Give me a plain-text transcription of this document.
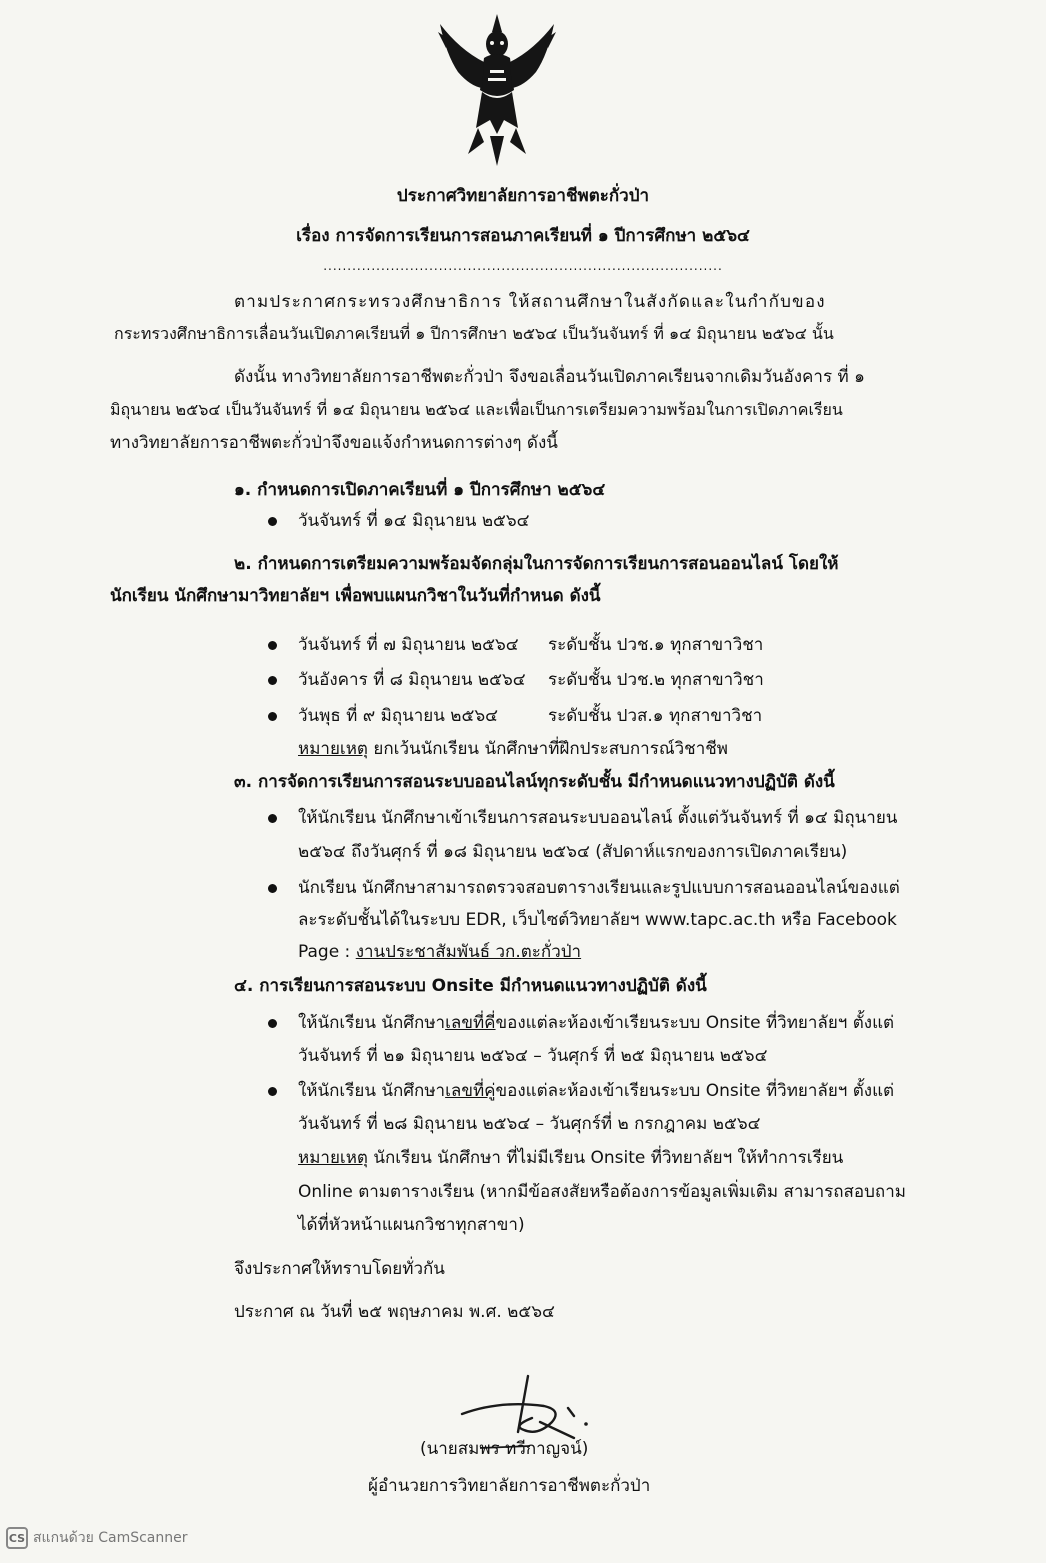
ประกาศวิทยาลัยการอาชีพตะกั่วป่า
เรื่อง การจัดการเรียนการสอนภาคเรียนที่ ๑ ปีการศึกษา ๒๕๖๔
...................................................................................
ตามประกาศกระทรวงศึกษาธิการ ให้สถานศึกษาในสังกัดและในกำกับของ
กระทรวงศึกษาธิการเลื่อนวันเปิดภาคเรียนที่ ๑ ปีการศึกษา ๒๕๖๔ เป็นวันจันทร์ ที่ ๑๔ มิถุนายน ๒๕๖๔ นั้น
ดังนั้น ทางวิทยาลัยการอาชีพตะกั่วป่า จึงขอเลื่อนวันเปิดภาคเรียนจากเดิมวันอังคาร ที่ ๑
มิถุนายน ๒๕๖๔ เป็นวันจันทร์ ที่ ๑๔ มิถุนายน ๒๕๖๔ และเพื่อเป็นการเตรียมความพร้อมในการเปิดภาคเรียน
ทางวิทยาลัยการอาชีพตะกั่วป่าจึงขอแจ้งกำหนดการต่างๆ ดังนี้
๑. กำหนดการเปิดภาคเรียนที่ ๑ ปีการศึกษา ๒๕๖๔
วันจันทร์ ที่ ๑๔ มิถุนายน ๒๕๖๔
๒. กำหนดการเตรียมความพร้อมจัดกลุ่มในการจัดการเรียนการสอนออนไลน์ โดยให้
นักเรียน นักศึกษามาวิทยาลัยฯ เพื่อพบแผนกวิชาในวันที่กำหนด ดังนี้
วันจันทร์ ที่ ๗ มิถุนายน ๒๕๖๔ ระดับชั้น ปวช.๑ ทุกสาขาวิชา
วันอังคาร ที่ ๘ มิถุนายน ๒๕๖๔ ระดับชั้น ปวช.๒ ทุกสาขาวิชา
วันพุธ ที่ ๙ มิถุนายน ๒๕๖๔	ระดับชั้น ปวส.๑ ทุกสาขาวิชา
หมายเหตุ ยกเว้นนักเรียน นักศึกษาที่ฝึกประสบการณ์วิชาชีพ
๓. การจัดการเรียนการสอนระบบออนไลน์ทุกระดับชั้น มีกำหนดแนวทางปฏิบัติ ดังนี้
ให้นักเรียน นักศึกษาเข้าเรียนการสอนระบบออนไลน์ ตั้งแต่วันจันทร์ ที่ ๑๔ มิถุนายน
๒๕๖๔ ถึงวันศุกร์ ที่ ๑๘ มิถุนายน ๒๕๖๔ (สัปดาห์แรกของการเปิดภาคเรียน)
นักเรียน นักศึกษาสามารถตรวจสอบตารางเรียนและรูปแบบการสอนออนไลน์ของแต่
ละระดับชั้นได้ในระบบ EDR, เว็บไซต์วิทยาลัยฯ www.tapc.ac.th หรือ Facebook
Page : งานประชาสัมพันธ์ วก.ตะกั่วป่า
๔. การเรียนการสอนระบบ Onsite มีกำหนดแนวทางปฏิบัติ ดังนี้
ให้นักเรียน นักศึกษาเลขที่คี่ของแต่ละห้องเข้าเรียนระบบ Onsite ที่วิทยาลัยฯ ตั้งแต่
วันจันทร์ ที่ ๒๑ มิถุนายน ๒๕๖๔ – วันศุกร์ ที่ ๒๕ มิถุนายน ๒๕๖๔
ให้นักเรียน นักศึกษาเลขที่คู่ของแต่ละห้องเข้าเรียนระบบ Onsite ที่วิทยาลัยฯ ตั้งแต่
วันจันทร์ ที่ ๒๘ มิถุนายน ๒๕๖๔ – วันศุกร์ที่ ๒ กรกฎาคม ๒๕๖๔
หมายเหตุ นักเรียน นักศึกษา ที่ไม่มีเรียน Onsite ที่วิทยาลัยฯ ให้ทำการเรียน
Online ตามตารางเรียน (หากมีข้อสงสัยหรือต้องการข้อมูลเพิ่มเติม สามารถสอบถาม
ได้ที่หัวหน้าแผนกวิชาทุกสาขา)
จึงประกาศให้ทราบโดยทั่วกัน
ประกาศ ณ วันที่ ๒๕ พฤษภาคม พ.ศ. ๒๕๖๔
(นายสมพร ทวีกาญจน์)
ผู้อำนวยการวิทยาลัยการอาชีพตะกั่วป่า
CS สแกนด้วย CamScanner
